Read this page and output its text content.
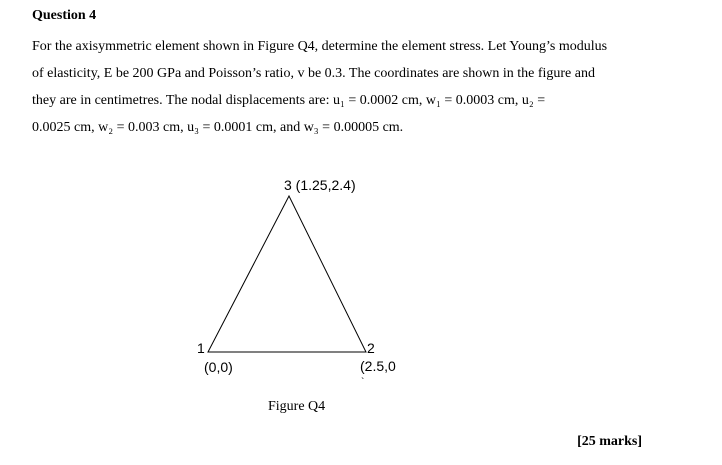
Question 4
For the axisymmetric element shown in Figure Q4, determine the element stress. Let Young’s modulus
of elasticity, E be 200 GPa and Poisson’s ratio, v be 0.3. The coordinates are shown in the figure and
they are in centimetres. The nodal displacements are: u₁ = 0.0002 cm, w₁ = 0.0003 cm, u₂ =
0.0025 cm, w₂ = 0.003 cm, u₃ = 0.0001 cm, and w₃ = 0.00005 cm.
3 (1.25,2.4)
1
(0,0)
2
(2.5,0
`
Figure Q4
[25 marks]
